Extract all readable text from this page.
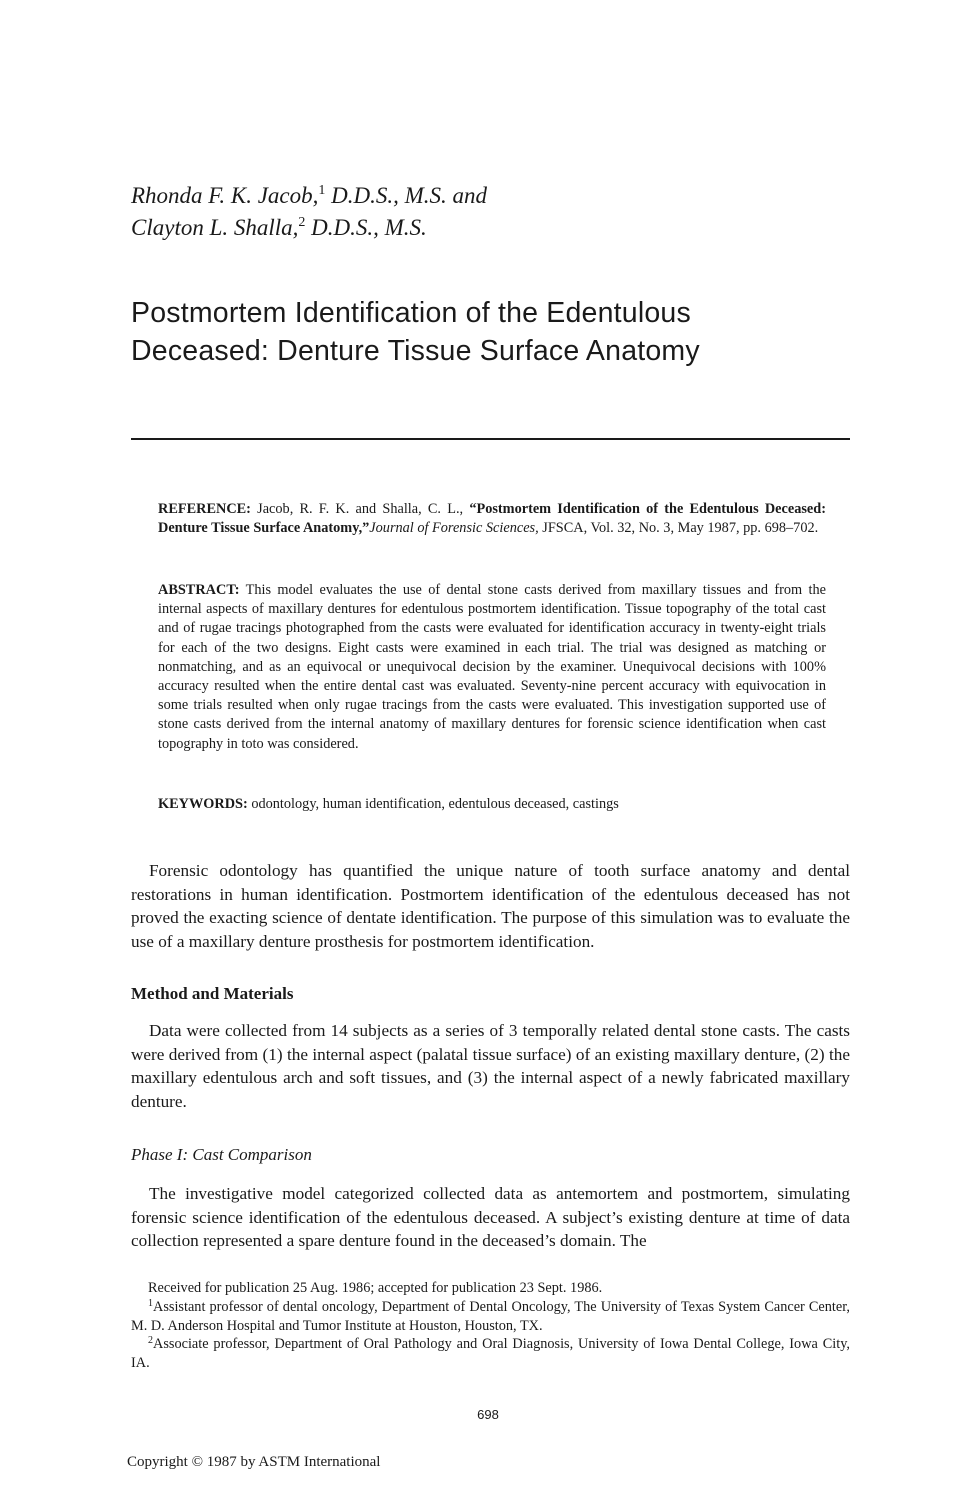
Rhonda F. K. Jacob,$^1$ D.D.S., M.S. and
Clayton L. Shalla,$^2$ D.D.S., M.S.
Postmortem Identification of the Edentulous
Deceased: Denture Tissue Surface Anatomy
REFERENCE: Jacob, R. F. K. and Shalla, C. L., “Postmortem Identification of the Edentulous Deceased: Denture Tissue Surface Anatomy,”Journal of Forensic Sciences, JFSCA, Vol. 32, No. 3, May 1987, pp. 698–702.
ABSTRACT: This model evaluates the use of dental stone casts derived from maxillary tissues and from the internal aspects of maxillary dentures for edentulous postmortem identification. Tissue topography of the total cast and of rugae tracings photographed from the casts were evaluated for identification accuracy in twenty-eight trials for each of the two designs. Eight casts were examined in each trial. The trial was designed as matching or nonmatching, and as an equivocal or unequivocal decision by the examiner. Unequivocal decisions with 100% accuracy resulted when the entire dental cast was evaluated. Seventy-nine percent accuracy with equivocation in some trials resulted when only rugae tracings from the casts were evaluated. This investigation supported use of stone casts derived from the internal anatomy of maxillary dentures for forensic science identification when cast topography in toto was considered.
KEYWORDS: odontology, human identification, edentulous deceased, castings

Forensic odontology has quantified the unique nature of tooth surface anatomy and dental restorations in human identification. Postmortem identification of the edentulous deceased has not proved the exacting science of dentate identification. The purpose of this simulation was to evaluate the use of a maxillary denture prosthesis for postmortem identification.

Method and Materials

Data were collected from 14 subjects as a series of 3 temporally related dental stone casts. The casts were derived from (1) the internal aspect (palatal tissue surface) of an existing maxillary denture, (2) the maxillary edentulous arch and soft tissues, and (3) the internal aspect of a newly fabricated maxillary denture.

Phase I: Cast Comparison

The investigative model categorized collected data as antemortem and postmortem, simulating forensic science identification of the edentulous deceased. A subject’s existing denture at time of data collection represented a spare denture found in the deceased’s domain. The

Received for publication 25 Aug. 1986; accepted for publication 23 Sept. 1986.

$^1$Assistant professor of dental oncology, Department of Dental Oncology, The University of Texas System Cancer Center, M. D. Anderson Hospital and Tumor Institute at Houston, Houston, TX.

$^2$Associate professor, Department of Oral Pathology and Oral Diagnosis, University of Iowa Dental College, Iowa City, IA.

698
Copyright © 1987 by ASTM International
